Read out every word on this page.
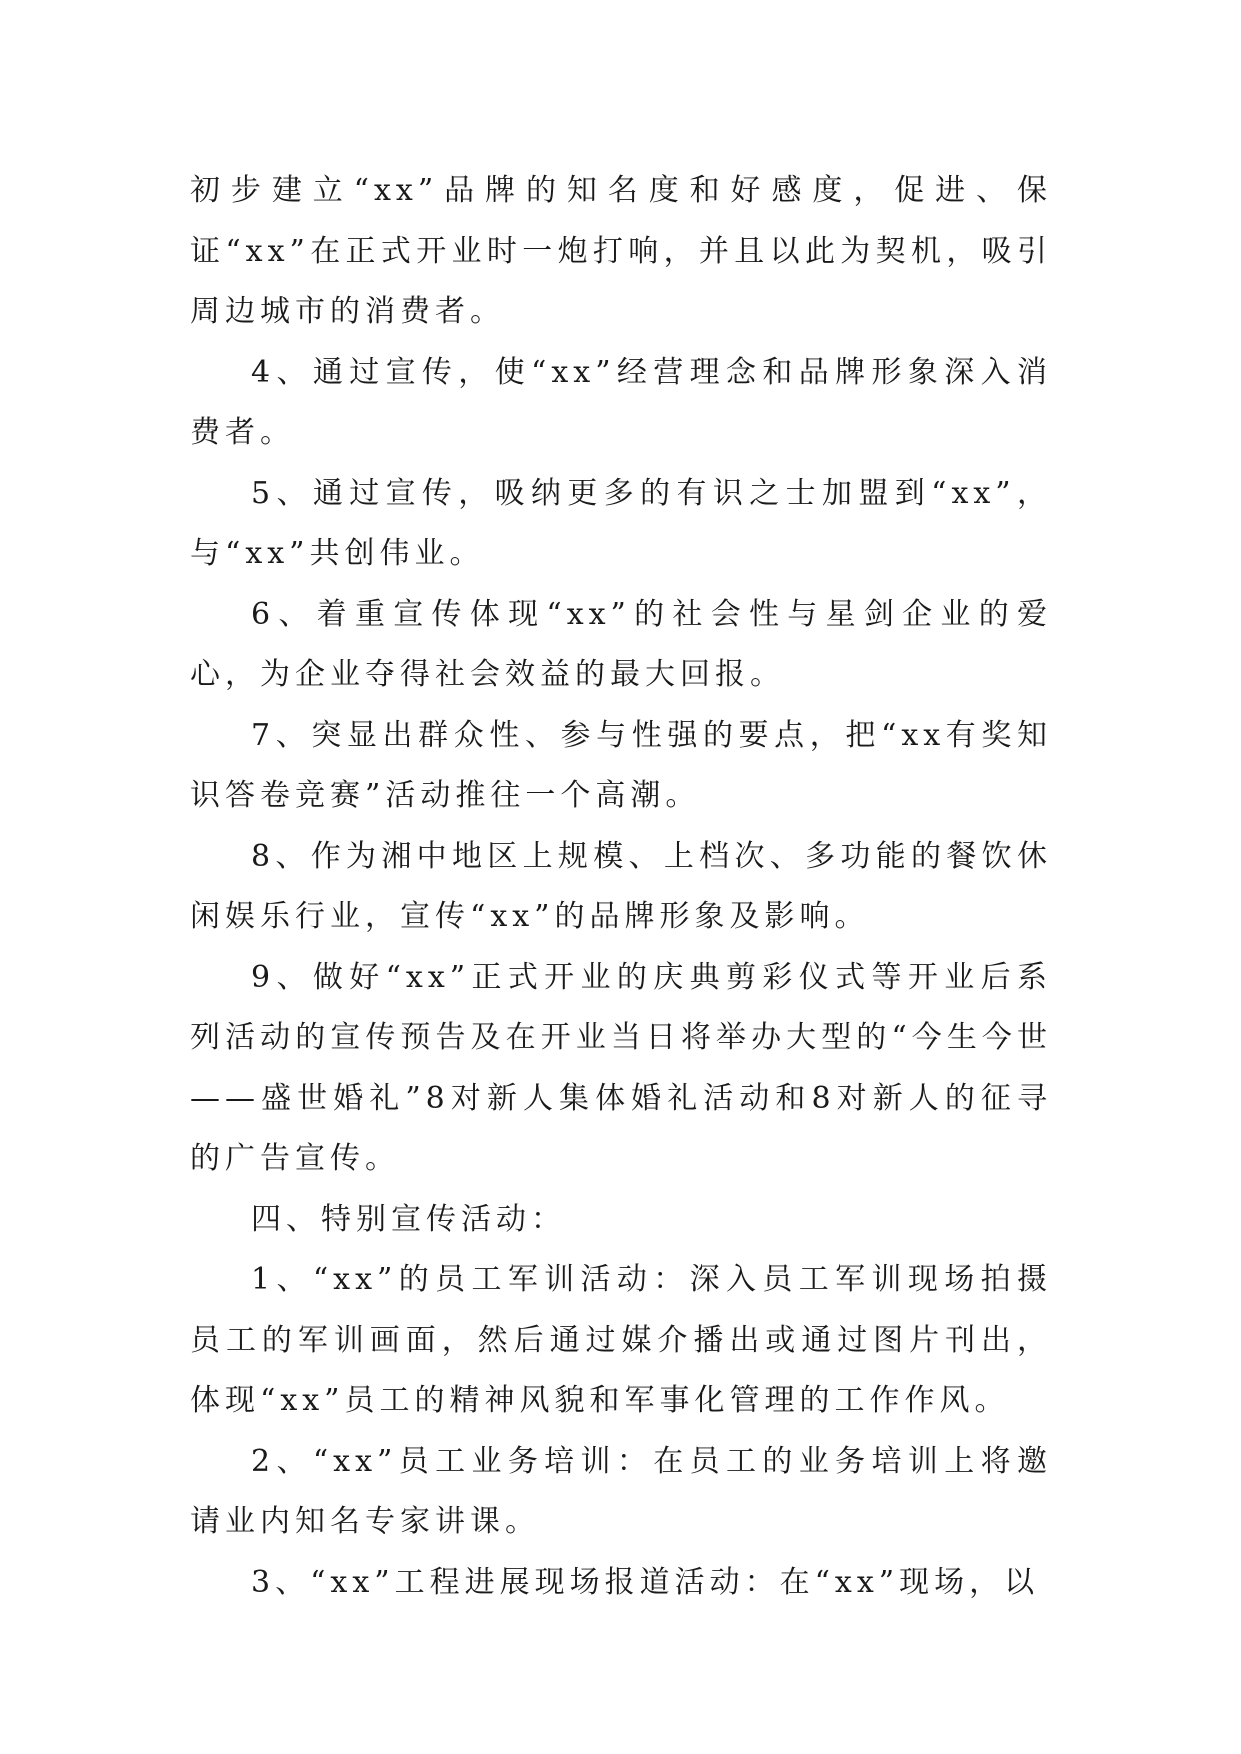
初步建立“xx”品牌的知名度和好感度，促进、保证“xx”在正式开业时一炮打响，并且以此为契机，吸引周边城市的消费者。

4、通过宣传，使“xx”经营理念和品牌形象深入消费者。

5、通过宣传，吸纳更多的有识之士加盟到“xx”，与“xx”共创伟业。

6、着重宣传体现“xx”的社会性与星剑企业的爱心，为企业夺得社会效益的最大回报。

7、突显出群众性、参与性强的要点，把“xx有奖知识答卷竞赛”活动推往一个高潮。

8、作为湘中地区上规模、上档次、多功能的餐饮休闲娱乐行业，宣传“xx”的品牌形象及影响。

9、做好“xx”正式开业的庆典剪彩仪式等开业后系列活动的宣传预告及在开业当日将举办大型的“今生今世——盛世婚礼”8对新人集体婚礼活动和8对新人的征寻的广告宣传。

四、特别宣传活动：

1、“xx”的员工军训活动：深入员工军训现场拍摄员工的军训画面，然后通过媒介播出或通过图片刊出，体现“xx”员工的精神风貌和军事化管理的工作作风。

2、“xx”员工业务培训：在员工的业务培训上将邀请业内知名专家讲课。

3、“xx”工程进展现场报道活动：在“xx”现场，以
